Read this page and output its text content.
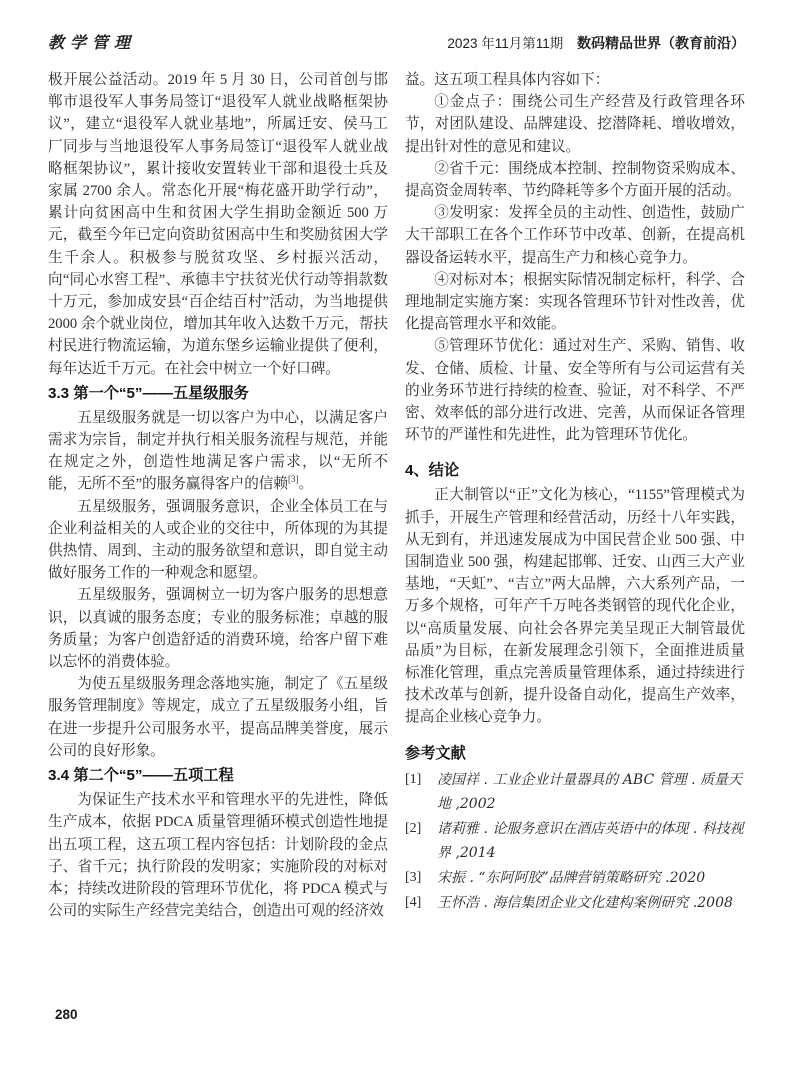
教学管理	2023 年11月第11期 数码精品世界（教育前沿）

极开展公益活动。2019 年 5 月 30 日，公司首创与邯郸市退役军人事务局签订“退役军人就业战略框架协议”，建立“退役军人就业基地”，所属迁安、侯马工厂同步与当地退役军人事务局签订“退役军人就业战略框架协议”，累计接收安置转业干部和退役士兵及家属 2700 余人。常态化开展“梅花盛开助学行动”，累计向贫困高中生和贫困大学生捐助金额近 500 万元，截至今年已定向资助贫困高中生和奖励贫困大学生千余人。积极参与脱贫攻坚、乡村振兴活动，向“同心水窖工程”、承德丰宁扶贫光伏行动等捐款数十万元，参加成安县“百企结百村”活动，为当地提供 2000 余个就业岗位，增加其年收入达数千万元，帮扶村民进行物流运输，为道东堡乡运输业提供了便利，每年达近千万元。在社会中树立一个好口碑。

3.3 第一个“5”——五星级服务

五星级服务就是一切以客户为中心，以满足客户需求为宗旨，制定并执行相关服务流程与规范，并能在规定之外，创造性地满足客户需求，以“无所不能，无所不至”的服务赢得客户的信赖[3]。

五星级服务，强调服务意识，企业全体员工在与企业利益相关的人或企业的交往中，所体现的为其提供热情、周到、主动的服务欲望和意识，即自觉主动做好服务工作的一种观念和愿望。

五星级服务，强调树立一切为客户服务的思想意识，以真诚的服务态度；专业的服务标准；卓越的服务质量；为客户创造舒适的消费环境，给客户留下难以忘怀的消费体验。

为使五星级服务理念落地实施，制定了《五星级服务管理制度》等规定，成立了五星级服务小组，旨在进一步提升公司服务水平，提高品牌美誉度，展示公司的良好形象。

3.4 第二个“5”——五项工程

为保证生产技术水平和管理水平的先进性，降低生产成本，依据 PDCA 质量管理循环模式创造性地提出五项工程，这五项工程内容包括：计划阶段的金点子、省千元；执行阶段的发明家；实施阶段的对标对本；持续改进阶段的管理环节优化，将 PDCA 模式与公司的实际生产经营完美结合，创造出可观的经济效

益。这五项工程具体内容如下：

①金点子：围绕公司生产经营及行政管理各环节，对团队建设、品牌建设、挖潜降耗、增收增效，提出针对性的意见和建议。

②省千元：围绕成本控制、控制物资采购成本、提高资金周转率、节约降耗等多个方面开展的活动。

③发明家：发挥全员的主动性、创造性，鼓励广大干部职工在各个工作环节中改革、创新，在提高机器设备运转水平，提高生产力和核心竞争力。

④对标对本；根据实际情况制定标杆，科学、合理地制定实施方案：实现各管理环节针对性改善，优化提高管理水平和效能。

⑤管理环节优化：通过对生产、采购、销售、收发、仓储、质检、计量、安全等所有与公司运营有关的业务环节进行持续的检查、验证，对不科学、不严密、效率低的部分进行改进、完善，从而保证各管理环节的严谨性和先进性，此为管理环节优化。

4、结论

正大制管以“正”文化为核心，“1155”管理模式为抓手，开展生产管理和经营活动，历经十八年实践，从无到有，并迅速发展成为中国民营企业 500 强、中国制造业 500 强，构建起邯郸、迁安、山西三大产业基地，“天虹”、“吉立”两大品牌，六大系列产品，一万多个规格，可年产千万吨各类钢管的现代化企业，以“高质量发展、向社会各界完美呈现正大制管最优品质”为目标，在新发展理念引领下，全面推进质量标准化管理，重点完善质量管理体系，通过持续进行技术改革与创新，提升设备自动化，提高生产效率，提高企业核心竞争力。

参考文献
[1]	凌国祥 . 工业企业计量器具的 ABC 管理 . 质量天地 ,2002
[2]	诸莉雅 . 论服务意识在酒店英语中的体现 . 科技视界 ,2014
[3]	宋振 . “东阿阿胶”品牌营销策略研究 .2020
[4]	王怀浩 . 海信集团企业文化建构案例研究 .2008
280
